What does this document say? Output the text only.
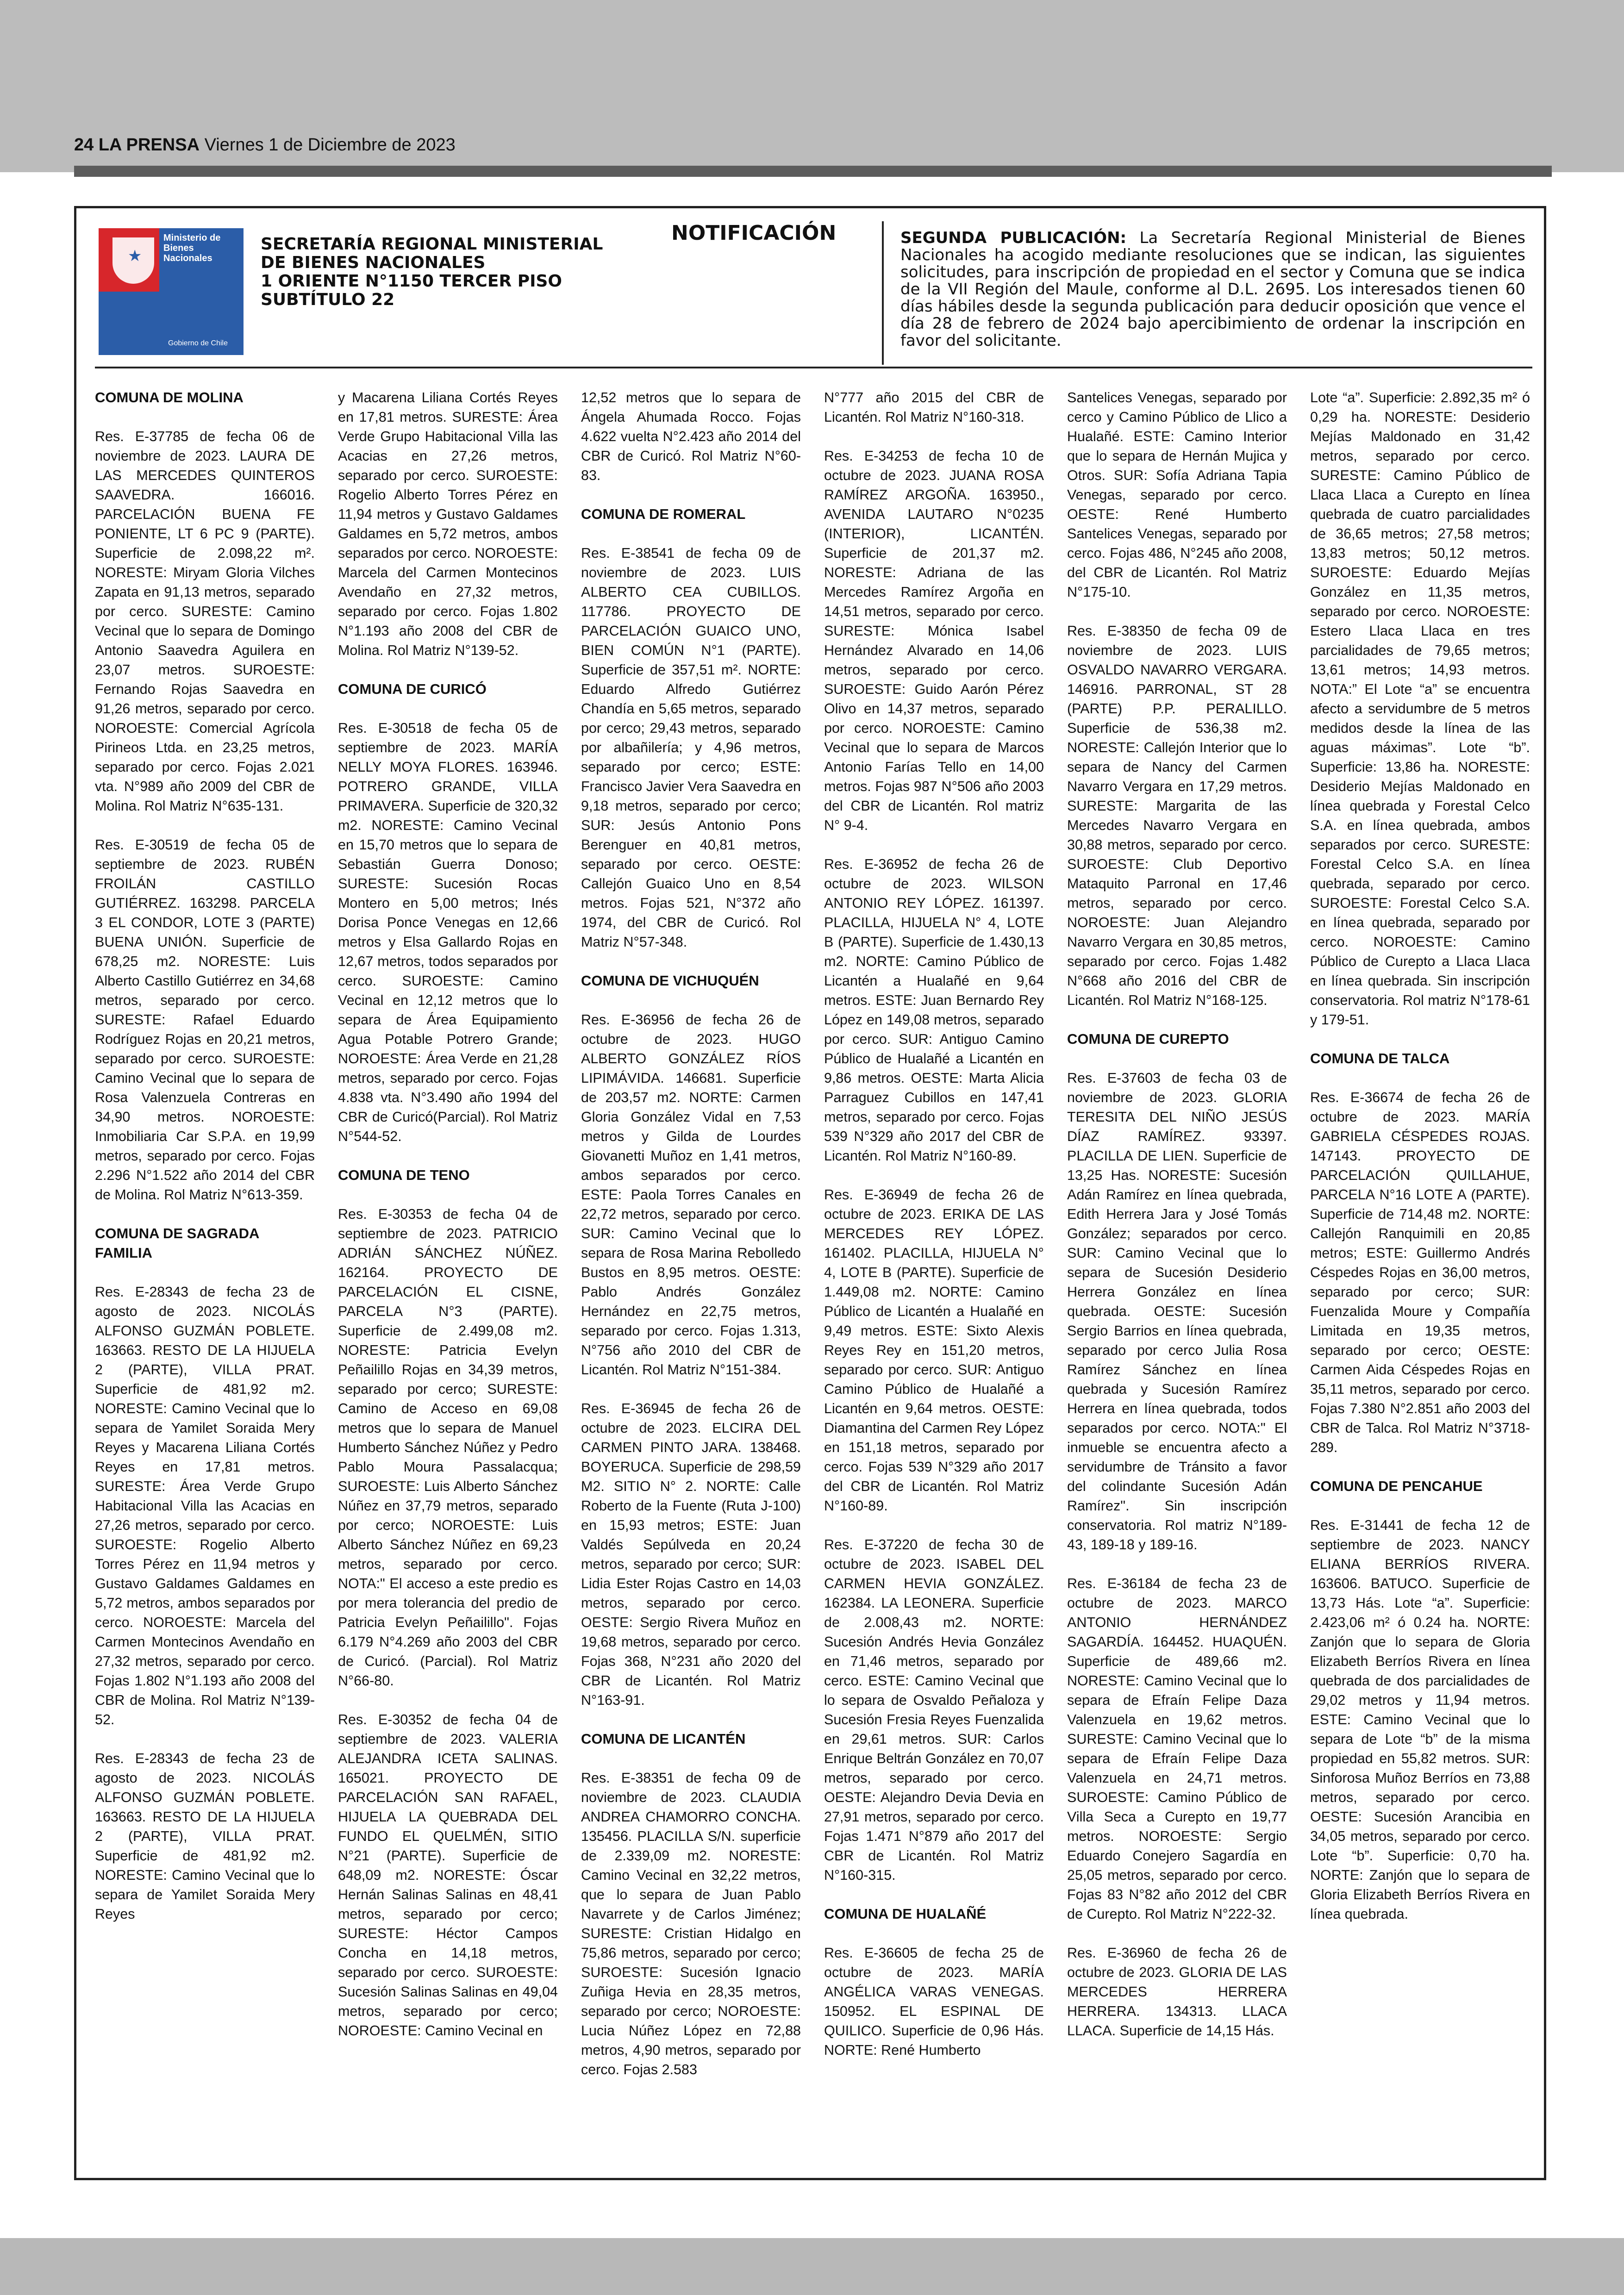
24 LA PRENSA Viernes 1 de Diciembre de 2023
★
Ministerio de
Bienes
Nacionales
Gobierno de Chile
SECRETARÍA REGIONAL MINISTERIAL
DE BIENES NACIONALES
1 ORIENTE N°1150 TERCER PISO
SUBTÍTULO 22
NOTIFICACIÓN	SEGUNDA PUBLICACIÓN: La Secretaría Regional Ministerial de Bienes Nacionales ha acogido mediante resoluciones que se indican, las siguientes solicitudes, para inscripción de propiedad en el sector y Comuna que se indica de la VII Región del Maule, conforme al D.L. 2695. Los interesados tienen 60 días hábiles desde la segunda publicación para deducir oposición que vence el día 28 de febrero de 2024 bajo apercibimiento de ordenar la inscripción en favor del solicitante.
COMUNA DE MOLINA

Res. E-37785 de fecha 06 de noviembre de 2023. LAURA DE LAS MERCEDES QUINTEROS SAAVEDRA. 166016. PARCELACIÓN BUENA FE PONIENTE, LT 6 PC 9 (PARTE). Superficie de 2.098,22 m². NORESTE: Miryam Gloria Vilches Zapata en 91,13 metros, separado por cerco. SURESTE: Camino Vecinal que lo separa de Domingo Antonio Saavedra Aguilera en 23,07 metros. SUROESTE: Fernando Rojas Saavedra en 91,26 metros, separado por cerco. NOROESTE: Comercial Agrícola Pirineos Ltda. en 23,25 metros, separado por cerco. Fojas 2.021 vta. N°989 año 2009 del CBR de Molina. Rol Matriz N°635-131.

Res. E-30519 de fecha 05 de septiembre de 2023. RUBÉN FROILÁN CASTILLO GUTIÉRREZ. 163298. PARCELA 3 EL CONDOR, LOTE 3 (PARTE) BUENA UNIÓN. Superficie de 678,25 m2. NORESTE: Luis Alberto Castillo Gutiérrez en 34,68 metros, separado por cerco. SURESTE: Rafael Eduardo Rodríguez Rojas en 20,21 metros, separado por cerco. SUROESTE: Camino Vecinal que lo separa de Rosa Valenzuela Contreras en 34,90 metros. NOROESTE: Inmobiliaria Car S.P.A. en 19,99 metros, separado por cerco. Fojas 2.296 N°1.522 año 2014 del CBR de Molina. Rol Matriz N°613-359.

COMUNA DE SAGRADA FAMILIA

Res. E-28343 de fecha 23 de agosto de 2023. NICOLÁS ALFONSO GUZMÁN POBLETE. 163663. RESTO DE LA HIJUELA 2 (PARTE), VILLA PRAT. Superficie de 481,92 m2. NORESTE: Camino Vecinal que lo separa de Yamilet Soraida Mery Reyes y Macarena Liliana Cortés Reyes en 17,81 metros. SURESTE: Área Verde Grupo Habitacional Villa las Acacias en 27,26 metros, separado por cerco. SUROESTE: Rogelio Alberto Torres Pérez en 11,94 metros y Gustavo Galdames Galdames en 5,72 metros, ambos separados por cerco. NOROESTE: Marcela del Carmen Montecinos Avendaño en 27,32 metros, separado por cerco. Fojas 1.802 N°1.193 año 2008 del CBR de Molina. Rol Matriz N°139-52.

Res. E-28343 de fecha 23 de agosto de 2023. NICOLÁS ALFONSO GUZMÁN POBLETE. 163663. RESTO DE LA HIJUELA 2 (PARTE), VILLA PRAT. Superficie de 481,92 m2. NORESTE: Camino Vecinal que lo separa de Yamilet Soraida Mery Reyes

y Macarena Liliana Cortés Reyes en 17,81 metros. SURESTE: Área Verde Grupo Habitacional Villa las Acacias en 27,26 metros, separado por cerco. SUROESTE: Rogelio Alberto Torres Pérez en 11,94 metros y Gustavo Galdames Galdames en 5,72 metros, ambos separados por cerco. NOROESTE: Marcela del Carmen Montecinos Avendaño en 27,32 metros, separado por cerco. Fojas 1.802 N°1.193 año 2008 del CBR de Molina. Rol Matriz N°139-52.

COMUNA DE CURICÓ

Res. E-30518 de fecha 05 de septiembre de 2023. MARÍA NELLY MOYA FLORES. 163946. POTRERO GRANDE, VILLA PRIMAVERA. Superficie de 320,32 m2. NORESTE: Camino Vecinal en 15,70 metros que lo separa de Sebastián Guerra Donoso; SURESTE: Sucesión Rocas Montero en 5,00 metros; Inés Dorisa Ponce Venegas en 12,66 metros y Elsa Gallardo Rojas en 12,67 metros, todos separados por cerco. SUROESTE: Camino Vecinal en 12,12 metros que lo separa de Área Equipamiento Agua Potable Potrero Grande; NOROESTE: Área Verde en 21,28 metros, separado por cerco. Fojas 4.838 vta. N°3.490 año 1994 del CBR de Curicó(Parcial). Rol Matriz N°544-52.

COMUNA DE TENO

Res. E-30353 de fecha 04 de septiembre de 2023. PATRICIO ADRIÁN SÁNCHEZ NÚÑEZ. 162164. PROYECTO DE PARCELACIÓN EL CISNE, PARCELA N°3 (PARTE). Superficie de 2.499,08 m2. NORESTE: Patricia Evelyn Peñailillo Rojas en 34,39 metros, separado por cerco; SURESTE: Camino de Acceso en 69,08 metros que lo separa de Manuel Humberto Sánchez Núñez y Pedro Pablo Moura Passalacqua; SUROESTE: Luis Alberto Sánchez Núñez en 37,79 metros, separado por cerco; NOROESTE: Luis Alberto Sánchez Núñez en 69,23 metros, separado por cerco. NOTA:" El acceso a este predio es por mera tolerancia del predio de Patricia Evelyn Peñailillo". Fojas 6.179 N°4.269 año 2003 del CBR de Curicó. (Parcial). Rol Matriz N°66-80.

Res. E-30352 de fecha 04 de septiembre de 2023. VALERIA ALEJANDRA ICETA SALINAS. 165021. PROYECTO DE PARCELACIÓN SAN RAFAEL, HIJUELA LA QUEBRADA DEL FUNDO EL QUELMÉN, SITIO N°21 (PARTE). Superficie de 648,09 m2. NORESTE: Óscar Hernán Salinas Salinas en 48,41 metros, separado por cerco; SURESTE: Héctor Campos Concha en 14,18 metros, separado por cerco. SUROESTE: Sucesión Salinas Salinas en 49,04 metros, separado por cerco; NOROESTE: Camino Vecinal en

12,52 metros que lo separa de Ángela Ahumada Rocco. Fojas 4.622 vuelta N°2.423 año 2014 del CBR de Curicó. Rol Matriz N°60-83.

COMUNA DE ROMERAL

Res. E-38541 de fecha 09 de noviembre de 2023. LUIS ALBERTO CEA CUBILLOS. 117786. PROYECTO DE PARCELACIÓN GUAICO UNO, BIEN COMÚN N°1 (PARTE). Superficie de 357,51 m². NORTE: Eduardo Alfredo Gutiérrez Chandía en 5,65 metros, separado por cerco; 29,43 metros, separado por albañilería; y 4,96 metros, separado por cerco; ESTE: Francisco Javier Vera Saavedra en 9,18 metros, separado por cerco; SUR: Jesús Antonio Pons Berenguer en 40,81 metros, separado por cerco. OESTE: Callejón Guaico Uno en 8,54 metros. Fojas 521, N°372 año 1974, del CBR de Curicó. Rol Matriz N°57-348.

COMUNA DE VICHUQUÉN

Res. E-36956 de fecha 26 de octubre de 2023. HUGO ALBERTO GONZÁLEZ RÍOS LIPIMÁVIDA. 146681. Superficie de 203,57 m2. NORTE: Carmen Gloria González Vidal en 7,53 metros y Gilda de Lourdes Giovanetti Muñoz en 1,41 metros, ambos separados por cerco. ESTE: Paola Torres Canales en 22,72 metros, separado por cerco. SUR: Camino Vecinal que lo separa de Rosa Marina Rebolledo Bustos en 8,95 metros. OESTE: Pablo Andrés González Hernández en 22,75 metros, separado por cerco. Fojas 1.313, N°756 año 2010 del CBR de Licantén. Rol Matriz N°151-384.

Res. E-36945 de fecha 26 de octubre de 2023. ELCIRA DEL CARMEN PINTO JARA. 138468. BOYERUCA. Superficie de 298,59 M2. SITIO N° 2. NORTE: Calle Roberto de la Fuente (Ruta J-100) en 15,93 metros; ESTE: Juan Valdés Sepúlveda en 20,24 metros, separado por cerco; SUR: Lidia Ester Rojas Castro en 14,03 metros, separado por cerco. OESTE: Sergio Rivera Muñoz en 19,68 metros, separado por cerco. Fojas 368, N°231 año 2020 del CBR de Licantén. Rol Matriz N°163-91.

COMUNA DE LICANTÉN

Res. E-38351 de fecha 09 de noviembre de 2023. CLAUDIA ANDREA CHAMORRO CONCHA. 135456. PLACILLA S/N. superficie de 2.339,09 m2. NORESTE: Camino Vecinal en 32,22 metros, que lo separa de Juan Pablo Navarrete y de Carlos Jiménez; SURESTE: Cristian Hidalgo en 75,86 metros, separado por cerco; SUROESTE: Sucesión Ignacio Zuñiga Hevia en 28,35 metros, separado por cerco; NOROESTE: Lucia Núñez López en 72,88 metros, 4,90 metros, separado por cerco. Fojas 2.583

N°777 año 2015 del CBR de Licantén. Rol Matriz N°160-318.

Res. E-34253 de fecha 10 de octubre de 2023. JUANA ROSA RAMÍREZ ARGOÑA. 163950., AVENIDA LAUTARO N°0235 (INTERIOR), LICANTÉN. Superficie de 201,37 m2. NORESTE: Adriana de las Mercedes Ramírez Argoña en 14,51 metros, separado por cerco. SURESTE: Mónica Isabel Hernández Alvarado en 14,06 metros, separado por cerco. SUROESTE: Guido Aarón Pérez Olivo en 14,37 metros, separado por cerco. NOROESTE: Camino Vecinal que lo separa de Marcos Antonio Farías Tello en 14,00 metros. Fojas 987 N°506 año 2003 del CBR de Licantén. Rol matriz N° 9-4.

Res. E-36952 de fecha 26 de octubre de 2023. WILSON ANTONIO REY LÓPEZ. 161397. PLACILLA, HIJUELA N° 4, LOTE B (PARTE). Superficie de 1.430,13 m2. NORTE: Camino Público de Licantén a Hualañé en 9,64 metros. ESTE: Juan Bernardo Rey López en 149,08 metros, separado por cerco. SUR: Antiguo Camino Público de Hualañé a Licantén en 9,86 metros. OESTE: Marta Alicia Parraguez Cubillos en 147,41 metros, separado por cerco. Fojas 539 N°329 año 2017 del CBR de Licantén. Rol Matriz N°160-89.

Res. E-36949 de fecha 26 de octubre de 2023. ERIKA DE LAS MERCEDES REY LÓPEZ. 161402. PLACILLA, HIJUELA N° 4, LOTE B (PARTE). Superficie de 1.449,08 m2. NORTE: Camino Público de Licantén a Hualañé en 9,49 metros. ESTE: Sixto Alexis Reyes Rey en 151,20 metros, separado por cerco. SUR: Antiguo Camino Público de Hualañé a Licantén en 9,64 metros. OESTE: Diamantina del Carmen Rey López en 151,18 metros, separado por cerco. Fojas 539 N°329 año 2017 del CBR de Licantén. Rol Matriz N°160-89.

Res. E-37220 de fecha 30 de octubre de 2023. ISABEL DEL CARMEN HEVIA GONZÁLEZ. 162384. LA LEONERA. Superficie de 2.008,43 m2. NORTE: Sucesión Andrés Hevia González en 71,46 metros, separado por cerco. ESTE: Camino Vecinal que lo separa de Osvaldo Peñaloza y Sucesión Fresia Reyes Fuenzalida en 29,61 metros. SUR: Carlos Enrique Beltrán González en 70,07 metros, separado por cerco. OESTE: Alejandro Devia Devia en 27,91 metros, separado por cerco. Fojas 1.471 N°879 año 2017 del CBR de Licantén. Rol Matriz N°160-315.

COMUNA DE HUALAÑÉ

Res. E-36605 de fecha 25 de octubre de 2023. MARÍA ANGÉLICA VARAS VENEGAS. 150952. EL ESPINAL DE QUILICO. Superficie de 0,96 Hás. NORTE: René Humberto

Santelices Venegas, separado por cerco y Camino Público de Llico a Hualañé. ESTE: Camino Interior que lo separa de Hernán Mujica y Otros. SUR: Sofía Adriana Tapia Venegas, separado por cerco. OESTE: René Humberto Santelices Venegas, separado por cerco. Fojas 486, N°245 año 2008, del CBR de Licantén. Rol Matriz N°175-10.

Res. E-38350 de fecha 09 de noviembre de 2023. LUIS OSVALDO NAVARRO VERGARA. 146916. PARRONAL, ST 28 (PARTE) P.P. PERALILLO. Superficie de 536,38 m2. NORESTE: Callejón Interior que lo separa de Nancy del Carmen Navarro Vergara en 17,29 metros. SURESTE: Margarita de las Mercedes Navarro Vergara en 30,88 metros, separado por cerco. SUROESTE: Club Deportivo Mataquito Parronal en 17,46 metros, separado por cerco. NOROESTE: Juan Alejandro Navarro Vergara en 30,85 metros, separado por cerco. Fojas 1.482 N°668 año 2016 del CBR de Licantén. Rol Matriz N°168-125.

COMUNA DE CUREPTO

Res. E-37603 de fecha 03 de noviembre de 2023. GLORIA TERESITA DEL NIÑO JESÚS DÍAZ RAMÍREZ. 93397. PLACILLA DE LIEN. Superficie de 13,25 Has. NORESTE: Sucesión Adán Ramírez en línea quebrada, Edith Herrera Jara y José Tomás González; separados por cerco. SUR: Camino Vecinal que lo separa de Sucesión Desiderio Herrera González en línea quebrada. OESTE: Sucesión Sergio Barrios en línea quebrada, separado por cerco Julia Rosa Ramírez Sánchez en línea quebrada y Sucesión Ramírez Herrera en línea quebrada, todos separados por cerco. NOTA:" El inmueble se encuentra afecto a servidumbre de Tránsito a favor del colindante Sucesión Adán Ramírez". Sin inscripción conservatoria. Rol matriz N°189-43, 189-18 y 189-16.

Res. E-36184 de fecha 23 de octubre de 2023. MARCO ANTONIO HERNÁNDEZ SAGARDÍA. 164452. HUAQUÉN. Superficie de 489,66 m2. NORESTE: Camino Vecinal que lo separa de Efraín Felipe Daza Valenzuela en 19,62 metros. SURESTE: Camino Vecinal que lo separa de Efraín Felipe Daza Valenzuela en 24,71 metros. SUROESTE: Camino Público de Villa Seca a Curepto en 19,77 metros. NOROESTE: Sergio Eduardo Conejero Sagardía en 25,05 metros, separado por cerco. Fojas 83 N°82 año 2012 del CBR de Curepto. Rol Matriz N°222-32.

Res. E-36960 de fecha 26 de octubre de 2023. GLORIA DE LAS MERCEDES HERRERA HERRERA. 134313. LLACA LLACA. Superficie de 14,15 Hás.

Lote “a”. Superficie: 2.892,35 m² ó 0,29 ha. NORESTE: Desiderio Mejías Maldonado en 31,42 metros, separado por cerco. SURESTE: Camino Público de Llaca Llaca a Curepto en línea quebrada de cuatro parcialidades de 36,65 metros; 27,58 metros; 13,83 metros; 50,12 metros. SUROESTE: Eduardo Mejías González en 11,35 metros, separado por cerco. NOROESTE: Estero Llaca Llaca en tres parcialidades de 79,65 metros; 13,61 metros; 14,93 metros. NOTA:” El Lote “a” se encuentra afecto a servidumbre de 5 metros medidos desde la línea de las aguas máximas”. Lote “b”. Superficie: 13,86 ha. NORESTE: Desiderio Mejías Maldonado en línea quebrada y Forestal Celco S.A. en línea quebrada, ambos separados por cerco. SURESTE: Forestal Celco S.A. en línea quebrada, separado por cerco. SUROESTE: Forestal Celco S.A. en línea quebrada, separado por cerco. NOROESTE: Camino Público de Curepto a Llaca Llaca en línea quebrada. Sin inscripción conservatoria. Rol matriz N°178-61 y 179-51.

COMUNA DE TALCA

Res. E-36674 de fecha 26 de octubre de 2023. MARÍA GABRIELA CÉSPEDES ROJAS. 147143. PROYECTO DE PARCELACIÓN QUILLAHUE, PARCELA N°16 LOTE A (PARTE). Superficie de 714,48 m2. NORTE: Callejón Ranquimili en 20,85 metros; ESTE: Guillermo Andrés Céspedes Rojas en 36,00 metros, separado por cerco; SUR: Fuenzalida Moure y Compañía Limitada en 19,35 metros, separado por cerco; OESTE: Carmen Aida Céspedes Rojas en 35,11 metros, separado por cerco. Fojas 7.380 N°2.851 año 2003 del CBR de Talca. Rol Matriz N°3718-289.

COMUNA DE PENCAHUE

Res. E-31441 de fecha 12 de septiembre de 2023. NANCY ELIANA BERRÍOS RIVERA. 163606. BATUCO. Superficie de 13,73 Hás. Lote “a”. Superficie: 2.423,06 m² ó 0.24 ha. NORTE: Zanjón que lo separa de Gloria Elizabeth Berríos Rivera en línea quebrada de dos parcialidades de 29,02 metros y 11,94 metros. ESTE: Camino Vecinal que lo separa de Lote “b” de la misma propiedad en 55,82 metros. SUR: Sinforosa Muñoz Berríos en 73,88 metros, separado por cerco. OESTE: Sucesión Arancibia en 34,05 metros, separado por cerco. Lote “b”. Superficie: 0,70 ha. NORTE: Zanjón que lo separa de Gloria Elizabeth Berríos Rivera en línea quebrada.
